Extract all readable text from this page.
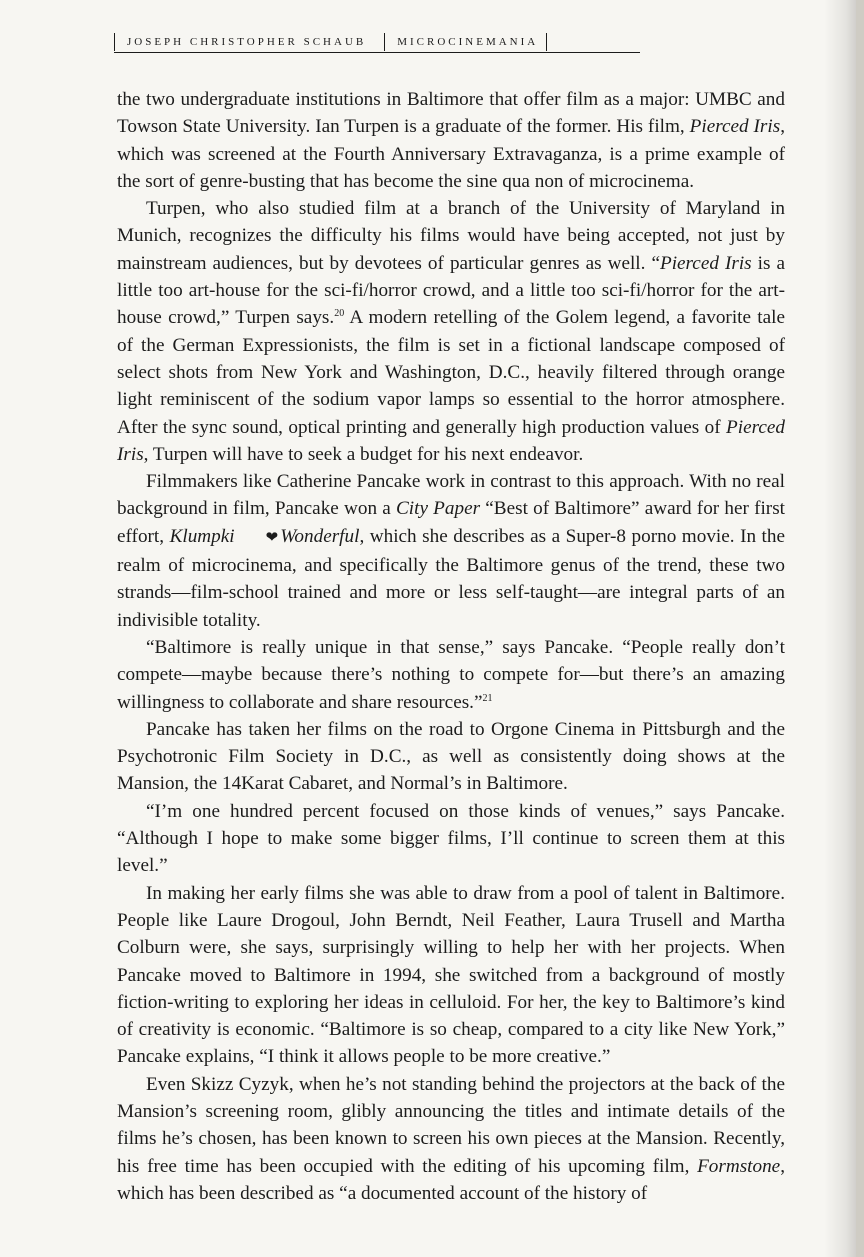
JOSEPH CHRISTOPHER SCHAUB	MICROCINEMANIA

the two undergraduate institutions in Baltimore that offer film as a major: UMBC and Towson State University. Ian Turpen is a graduate of the former. His film, Pierced Iris, which was screened at the Fourth Anniversary Extravaganza, is a prime example of the sort of genre-busting that has become the sine qua non of microcinema.

Turpen, who also studied film at a branch of the University of Maryland in Munich, recognizes the difficulty his films would have being accepted, not just by mainstream audiences, but by devotees of particular genres as well. “Pierced Iris is a little too art-house for the sci-fi/horror crowd, and a little too sci-fi/horror for the art-house crowd,” Turpen says.$^{20}$ A modern retelling of the Golem legend, a favorite tale of the German Expressionists, the film is set in a fictional landscape composed of select shots from New York and Washington, D.C., heavily filtered through orange light reminiscent of the sodium vapor lamps so essential to the horror atmosphere. After the sync sound, optical printing and generally high production values of Pierced Iris, Turpen will have to seek a budget for his next endeavor.

Filmmakers like Catherine Pancake work in contrast to this approach. With no real background in film, Pancake won a City Paper “Best of Baltimore” award for her first effort, Klumpki ❤ Wonderful, which she describes as a Super-8 porno movie. In the realm of microcinema, and specifically the Baltimore genus of the trend, these two strands—film-school trained and more or less self-taught—are integral parts of an indivisible totality.

“Baltimore is really unique in that sense,” says Pancake. “People really don’t compete—maybe because there’s nothing to compete for—but there’s an amazing willingness to collaborate and share resources.”$^{21}$

Pancake has taken her films on the road to Orgone Cinema in Pittsburgh and the Psychotronic Film Society in D.C., as well as consistently doing shows at the Mansion, the 14Karat Cabaret, and Normal’s in Baltimore.

“I’m one hundred percent focused on those kinds of venues,” says Pancake. “Although I hope to make some bigger films, I’ll continue to screen them at this level.”

In making her early films she was able to draw from a pool of talent in Baltimore. People like Laure Drogoul, John Berndt, Neil Feather, Laura Trusell and Martha Colburn were, she says, surprisingly willing to help her with her projects. When Pancake moved to Baltimore in 1994, she switched from a background of mostly fiction-writing to exploring her ideas in celluloid. For her, the key to Baltimore’s kind of creativity is economic. “Baltimore is so cheap, compared to a city like New York,” Pancake explains, “I think it allows people to be more creative.”

Even Skizz Cyzyk, when he’s not standing behind the projectors at the back of the Mansion’s screening room, glibly announcing the titles and intimate details of the films he’s chosen, has been known to screen his own pieces at the Mansion. Recently, his free time has been occupied with the editing of his upcoming film, Formstone, which has been described as “a documented account of the history of
